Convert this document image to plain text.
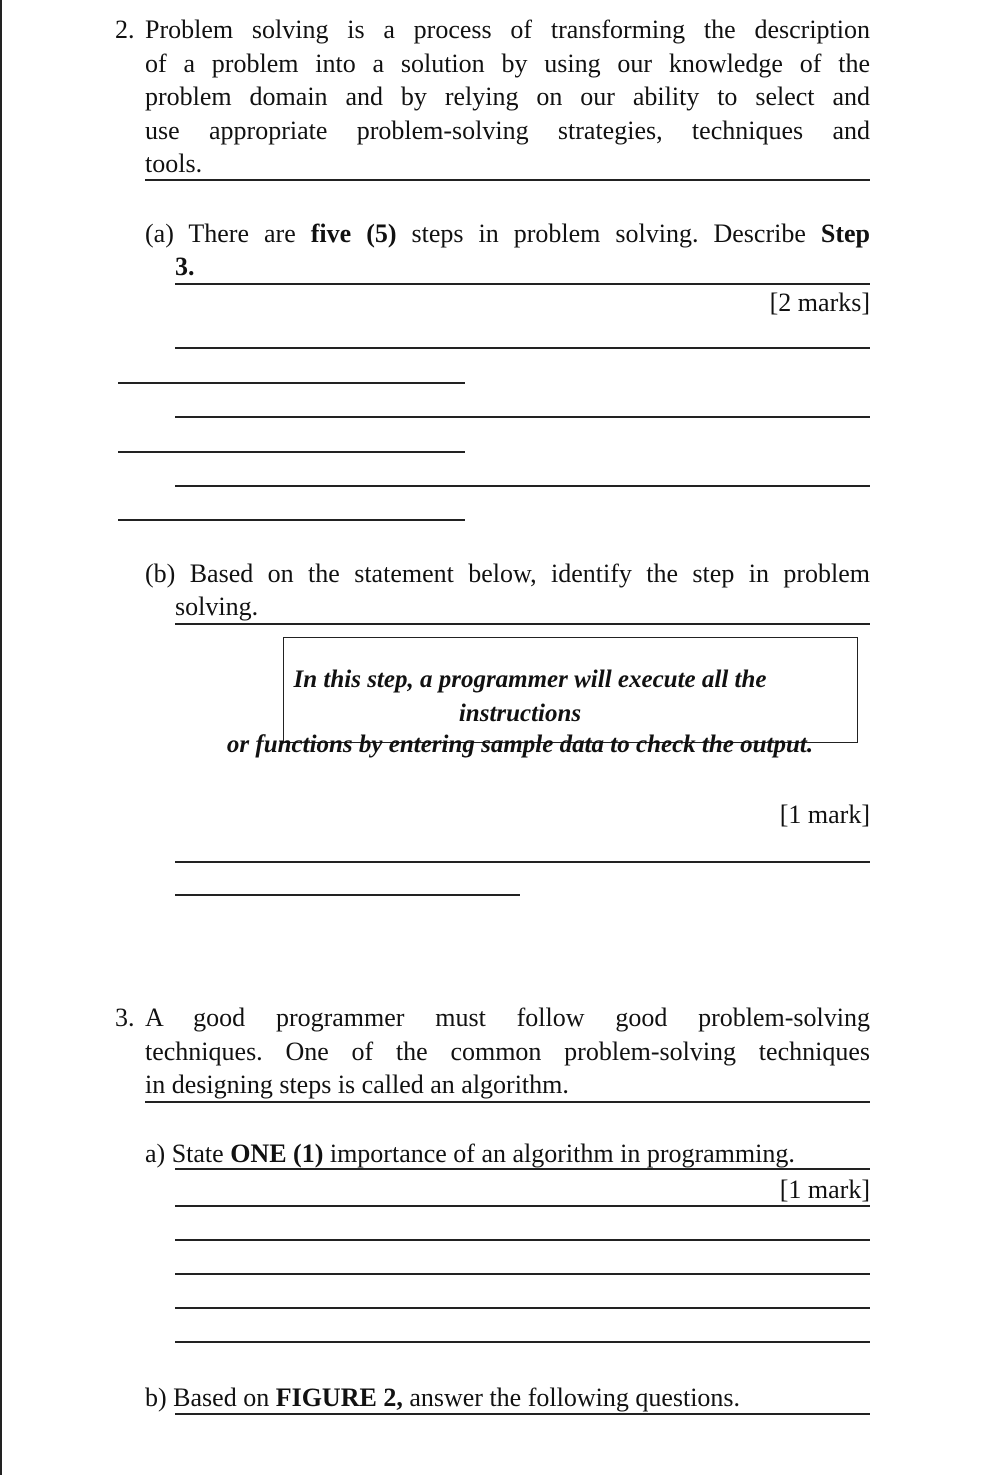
2. Problem solving is a process of transforming the description
of a problem into a solution by using our knowledge of the
problem domain and by relying on our ability to select and
use appropriate problem-solving strategies, techniques and
tools.
(a) There are five (5) steps in problem solving. Describe Step
3.
[2 marks]
(b) Based on the statement below, identify the step in problem
solving.
In this step, a programmer will execute all the
instructions
or functions by entering sample data to check the output.
[1 mark]
3. A good programmer must follow good problem-solving
techniques. One of the common problem-solving techniques
in designing steps is called an algorithm.
a) State ONE (1) importance of an algorithm in programming.
[1 mark]
b) Based on FIGURE 2, answer the following questions.
